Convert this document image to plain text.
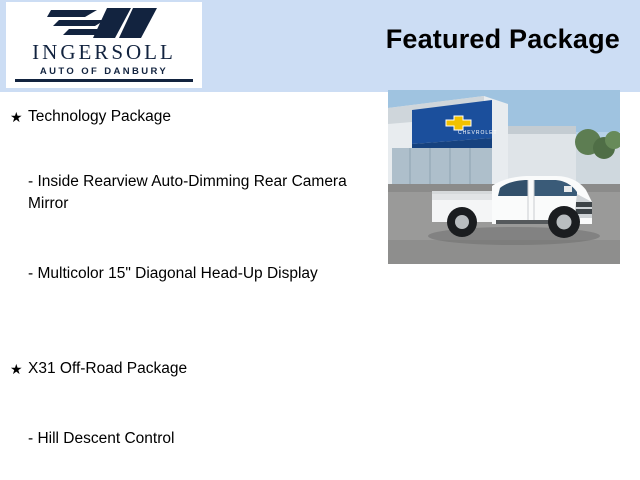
INGERSOLL
AUTO OF DANBURY
Featured Package
★ Technology Package
- Inside Rearview Auto-Dimming Rear Camera Mirror
- Multicolor 15" Diagonal Head-Up Display
★ X31 Off-Road Package
- Hill Descent Control
CHEVROLET
